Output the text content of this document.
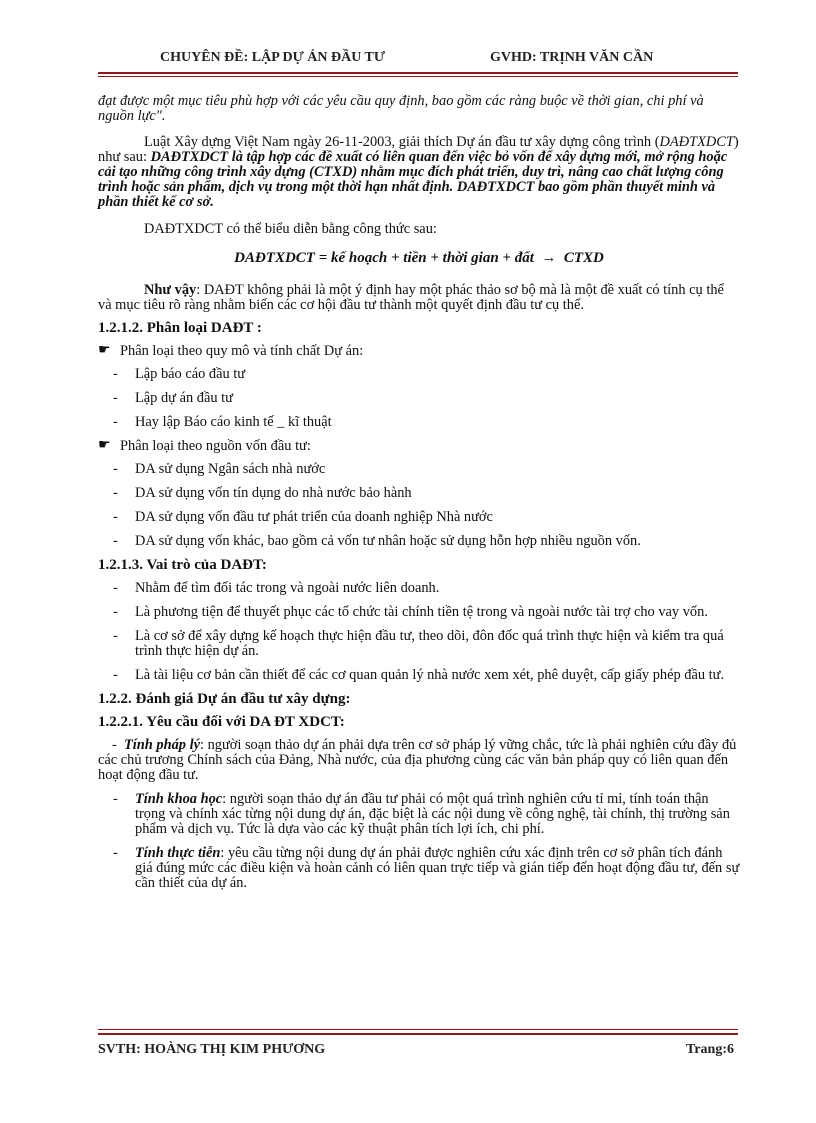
CHUYÊN ĐỀ: LẬP DỰ ÁN ĐẦU TƯ	GVHD: TRỊNH VĂN CẦN

đạt được một mục tiêu phù hợp với các yêu cầu quy định, bao gồm các ràng buộc về thời gian, chi phí và nguồn lực".

Luật Xây dựng Việt Nam ngày 26-11-2003, giải thích Dự án đầu tư xây dựng công trình (DAĐTXDCT) như sau: DAĐTXDCT là tập hợp các đề xuất có liên quan đến việc bỏ vốn để xây dựng mới, mở rộng hoặc cải tạo những công trình xây dựng (CTXD) nhằm mục đích phát triển, duy trì, nâng cao chất lượng công trình hoặc sản phẩm, dịch vụ trong một thời hạn nhất định. DAĐTXDCT bao gồm phần thuyết minh và phần thiết kế cơ sở.

DAĐTXDCT có thể biểu diễn bằng công thức sau:

DAĐTXDCT = kế hoạch + tiền + thời gian + đất → CTXD

Như vậy: DAĐT không phải là một ý định hay một phác thảo sơ bộ mà là một đề xuất có tính cụ thể và mục tiêu rõ ràng nhằm biến các cơ hội đầu tư thành một quyết định đầu tư cụ thể.

1.2.1.2. Phân loại DAĐT :
☛ Phân loại theo quy mô và tính chất Dự án:
- Lập báo cáo đầu tư
- Lập dự án đầu tư
- Hay lập Báo cáo kinh tế _ kĩ thuật
☛ Phân loại theo nguồn vốn đầu tư:
- DA sử dụng Ngân sách nhà nước
- DA sử dụng vốn tín dụng do nhà nước bảo hành
- DA sử dụng vốn đầu tư phát triển của doanh nghiệp Nhà nước
- DA sử dụng vốn khác, bao gồm cả vốn tư nhân hoặc sử dụng hỗn hợp nhiều nguồn vốn.
1.2.1.3. Vai trò của DAĐT:
- Nhằm để tìm đối tác trong và ngoài nước liên doanh.
- Là phương tiện để thuyết phục các tổ chức tài chính tiền tệ trong và ngoài nước tài trợ cho vay vốn.
- Là cơ sở để xây dựng kế hoạch thực hiện đầu tư, theo dõi, đôn đốc quá trình thực hiện và kiểm tra quá trình thực hiện dự án.
- Là tài liệu cơ bản cần thiết để các cơ quan quản lý nhà nước xem xét, phê duyệt, cấp giấy phép đầu tư.
1.2.2. Đánh giá Dự án đầu tư xây dựng:
1.2.2.1. Yêu cầu đối với DA ĐT XDCT:
-  Tính pháp lý: người soạn thảo dự án phải dựa trên cơ sở pháp lý vững chắc, tức là phải nghiên cứu đầy đủ các chủ trương Chính sách của Đảng, Nhà nước, của địa phương cùng các văn bản pháp quy có liên quan đến hoạt động đầu tư.
- Tính khoa học: người soạn thảo dự án đầu tư phải có một quá trình nghiên cứu tỉ mỉ, tính toán thận trọng và chính xác từng nội dung dự án, đặc biệt là các nội dung về công nghệ, tài chính, thị trường sản phẩm và dịch vụ. Tức là dựa vào các kỹ thuật phân tích lợi ích, chi phí.
- Tính thực tiễn: yêu cầu từng nội dung dự án phải được nghiên cứu xác định trên cơ sở phân tích đánh giá đúng mức các điều kiện và hoàn cảnh có liên quan trực tiếp và gián tiếp đến hoạt động đầu tư, đến sự cần thiết của dự án.
SVTH: HOÀNG THỊ KIM PHƯƠNG	Trang:6
